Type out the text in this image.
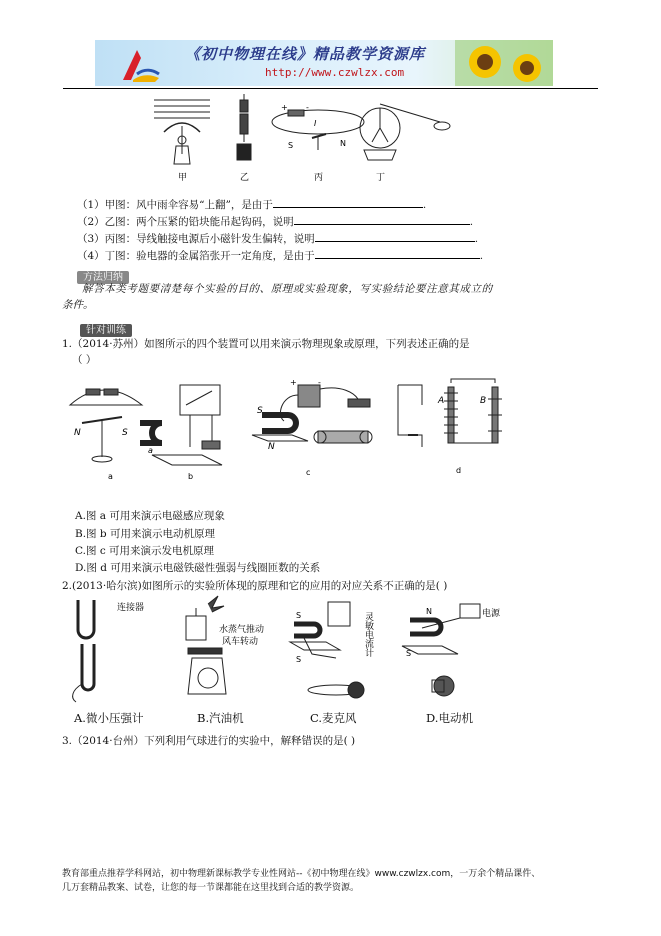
《初中物理在线》精品教学资源库
http://www.czwlzx.com
+ -
I
S	N
甲	乙	丙	丁
（1）甲图：风中雨伞容易“上翻”，是由于	.
（2）乙图：两个压紧的铅块能吊起钩码，说明	.
（3）丙图：导线触接电源后小磁针发生偏转，说明	.
（4）丁图：验电器的金属箔张开一定角度，是由于	.
方法归纳
解答本类考题要清楚每个实验的目的、原理或实验现象，写实验结论要注意其成立的
条件。
针对训练
1.（2014·苏州）如图所示的四个装置可以用来演示物理现象或原理，下列表述正确的是
（ ）
N	S
a
+	-
S
N
A	B
a	b	c	d
A.图 a 可用来演示电磁感应现象
B.图 b 可用来演示电动机原理
C.图 c 可用来演示发电机原理
D.图 d 可用来演示电磁铁磁性强弱与线圈匝数的关系
2.(2013·哈尔滨)如图所示的实验所体现的原理和它的应用的对应关系不正确的是( )
连接器
水蒸气推动
风车转动
S
S
灵敏电流计
N
S
电源
A.微小压强计	B.汽油机	C.麦克风	D.电动机
3.（2014·台州）下列利用气球进行的实验中，解释错误的是( )
教育部重点推荐学科网站，初中物理新课标教学专业性网站--《初中物理在线》www.czwlzx.com，一万余个精品课件、
几万套精品教案、试卷，让您的每一节课都能在这里找到合适的教学资源。
